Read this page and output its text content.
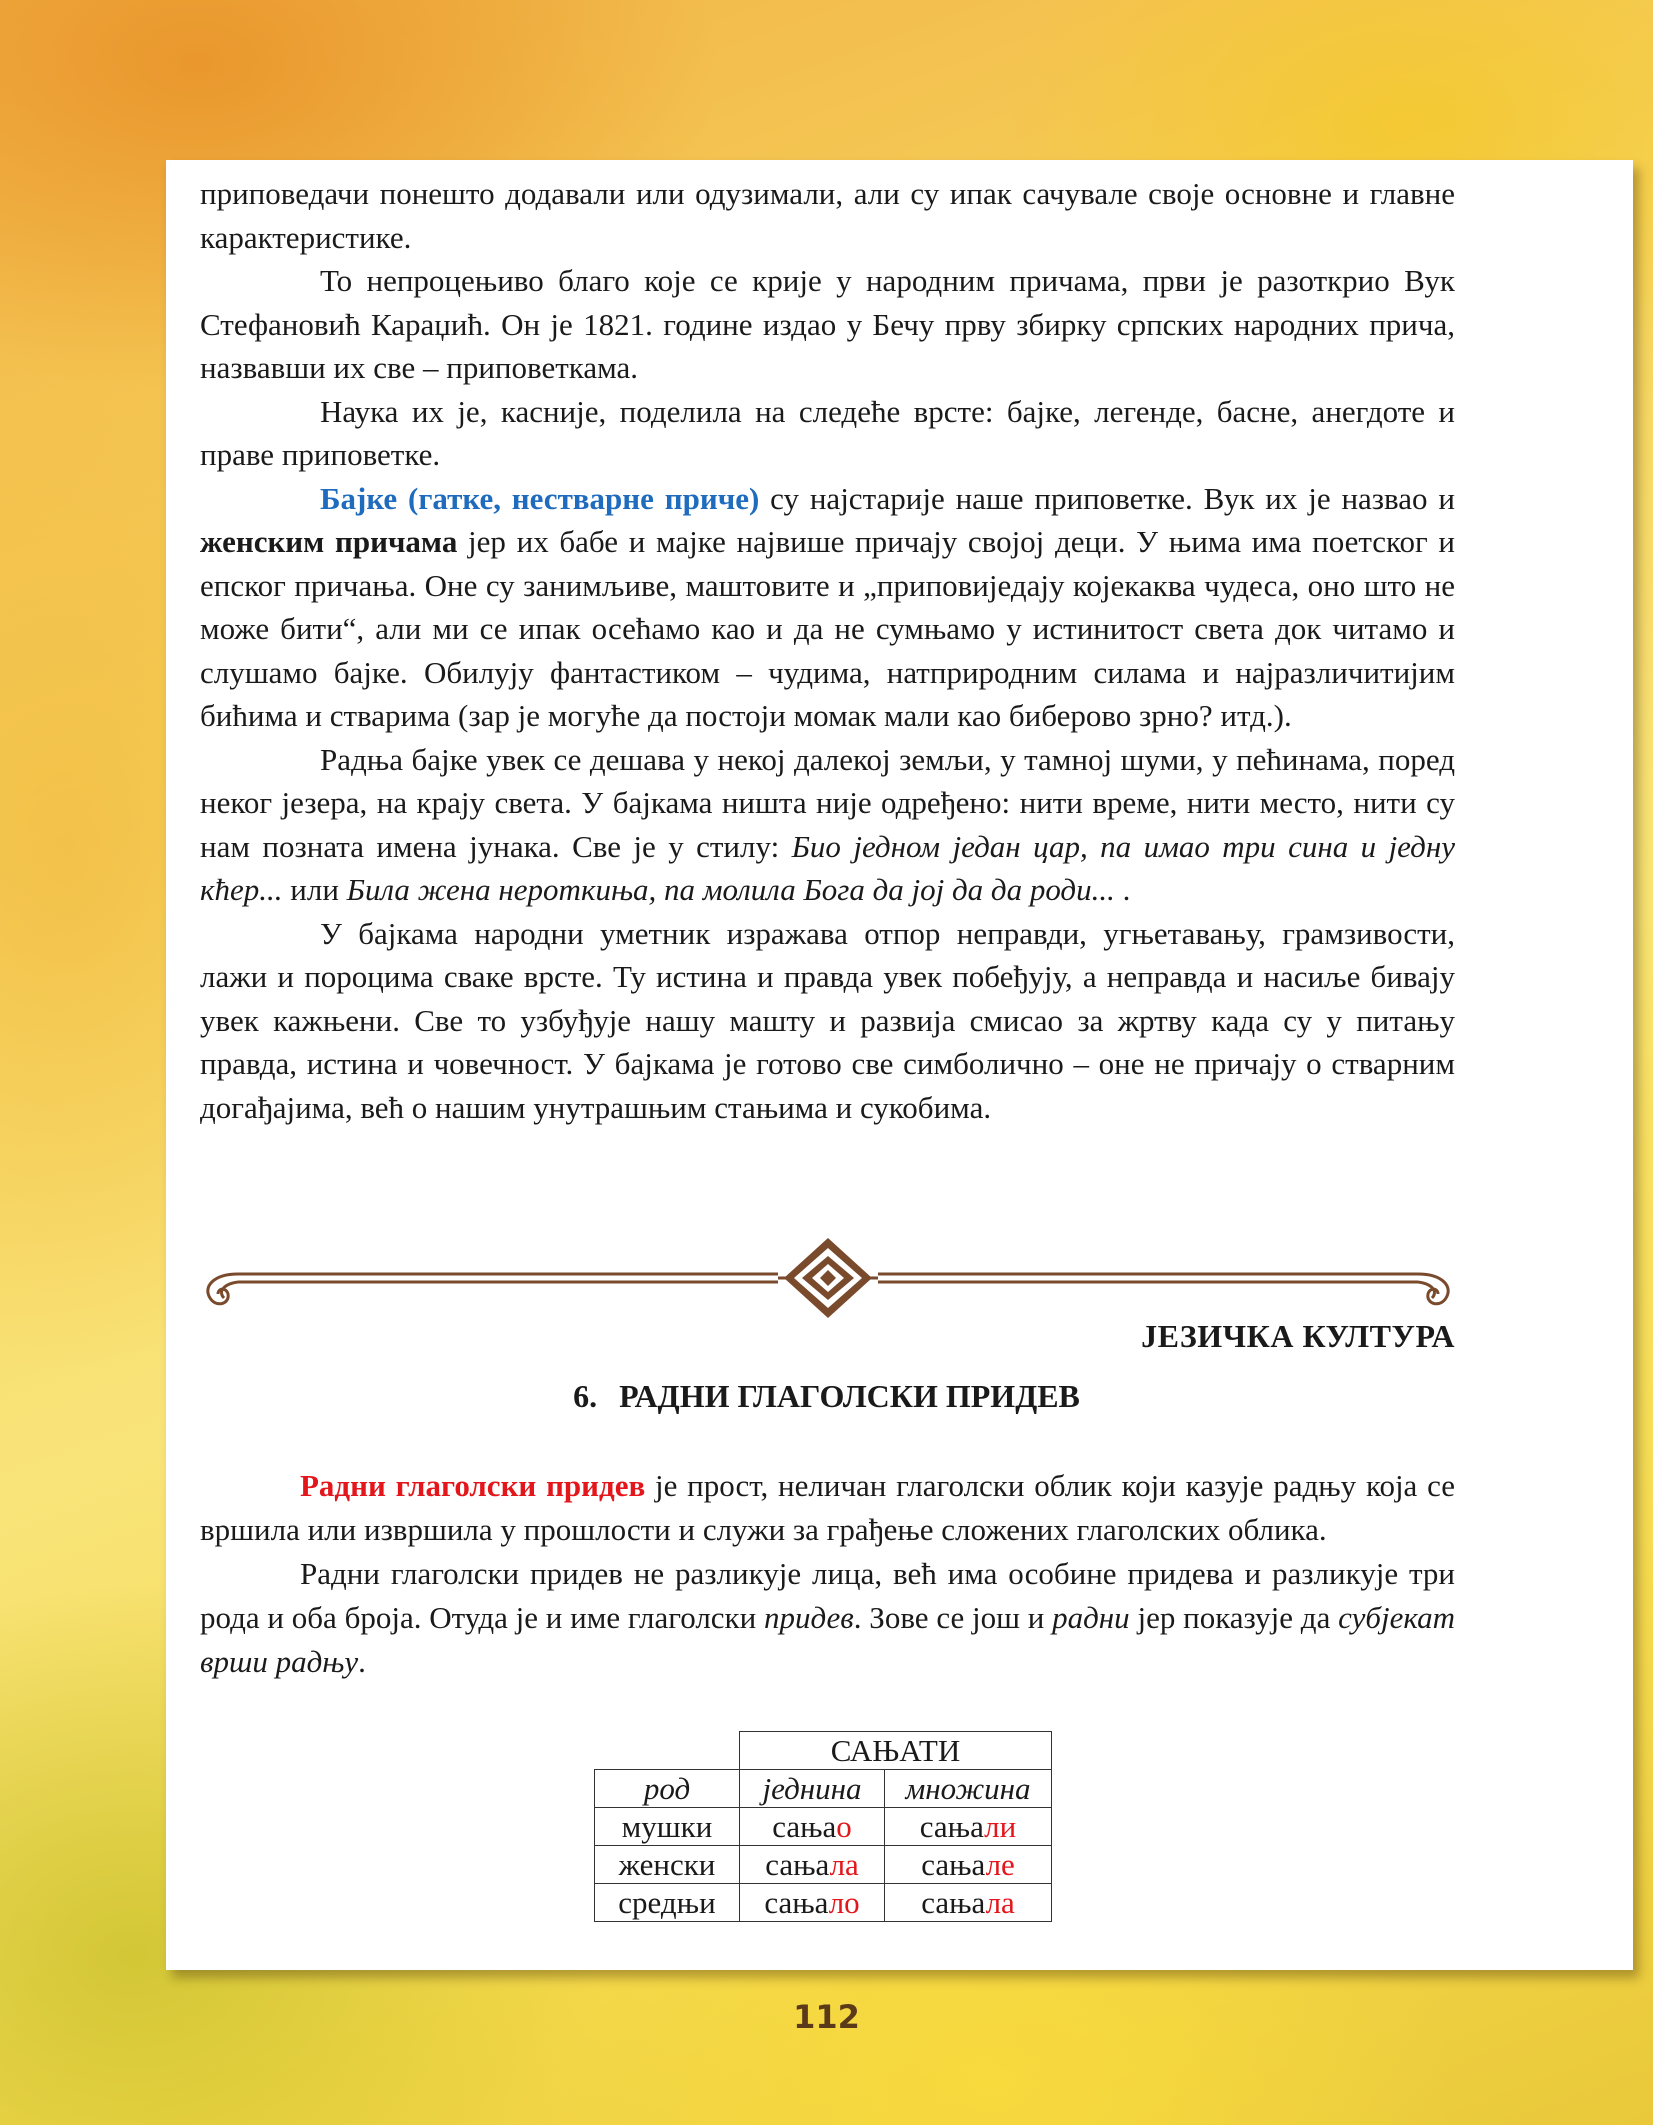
приповедачи понешто додавали или одузимали, али су ипак сачувале своје основне и главне карактеристике.

То непроцењиво благо које се крије у народним причама, први је разоткрио Вук Стефановић Караџић. Он је 1821. године издао у Бечу прву збирку српских народних прича, назвавши их све – приповеткама.

Наука их је, касније, поделила на следеће врсте: бајке, легенде, басне, анегдоте и праве приповетке.

Бајке (гатке, нестварне приче) су најстарије наше приповетке. Вук их је назвао и женским причама јер их бабе и мајке највише причају својој деци. У њима има поетског и епског причања. Оне су занимљиве, маштовите и „приповиједају којекаква чудеса, оно што не може бити“, али ми се ипак осећамо као и да не сумњамо у истинитост света док читамо и слушамо бајке. Обилују фантастиком – чудима, натприродним силама и најразличитијим бићима и стварима (зар је могуће да постоји момак мали као биберово зрно? итд.).

Радња бајке увек се дешава у некој далекој земљи, у тамној шуми, у пећинама, поред неког језера, на крају света. У бајкама ништа није одређено: нити време, нити место, нити су нам позната имена јунака. Све је у стилу: Био једном један цар, па имао три сина и једну кћер... или Била жена нероткиња, па молила Бога да јој да да роди... .

У бајкама народни уметник изражава отпор неправди, угњетавању, грамзивости, лажи и пороцима сваке врсте. Ту истина и правда увек побеђују, а неправда и насиље бивају увек кажњени. Све то узбуђује нашу машту и развија смисао за жртву када су у питању правда, истина и човечност. У бајкама је готово све симболично – оне не причају о стварним догађајима, већ о нашим унутрашњим стањима и сукобима.

ЈЕЗИЧКА КУЛТУРА
6. РАДНИ ГЛАГОЛСКИ ПРИДЕВ

Радни глаголски придев је прост, неличан глаголски облик који казује радњу која се вршила или извршила у прошлости и служи за грађење сложених глаголских облика.

Радни глаголски придев не разликује лица, већ има особине придева и разликује три рода и оба броја. Отуда је и име глаголски придев. Зове се још и радни јер показује да субјекат врши радњу.

	САЊАТИ	
род	једнина	множина
мушки	сањао	сањали
женски	сањала	сањале
средњи	сањало	сањала
112
